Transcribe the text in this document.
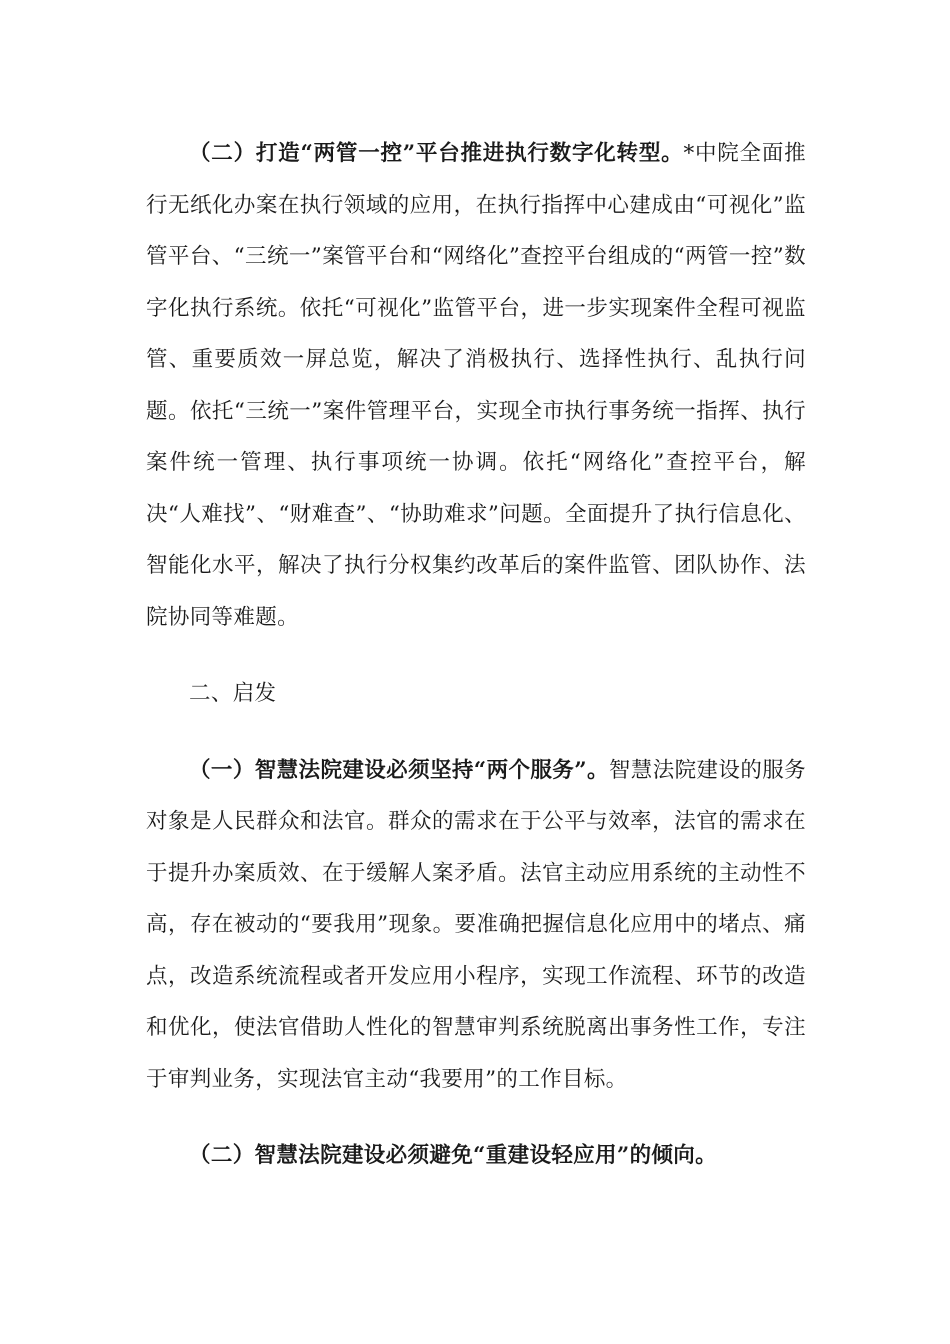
（二）打造“两管一控”平台推进执行数字化转型。*中院全面推行无纸化办案在执行领域的应用，在执行指挥中心建成由“可视化”监管平台、“三统一”案管平台和“网络化”查控平台组成的“两管一控”数字化执行系统。依托“可视化”监管平台，进一步实现案件全程可视监管、重要质效一屏总览，解决了消极执行、选择性执行、乱执行问题。依托“三统一”案件管理平台，实现全市执行事务统一指挥、执行案件统一管理、执行事项统一协调。依托“网络化”查控平台，解决“人难找”、“财难查”、“协助难求”问题。全面提升了执行信息化、智能化水平，解决了执行分权集约改革后的案件监管、团队协作、法院协同等难题。

二、启发

（一）智慧法院建设必须坚持“两个服务”。智慧法院建设的服务对象是人民群众和法官。群众的需求在于公平与效率，法官的需求在于提升办案质效、在于缓解人案矛盾。法官主动应用系统的主动性不高，存在被动的“要我用”现象。要准确把握信息化应用中的堵点、痛点，改造系统流程或者开发应用小程序，实现工作流程、环节的改造和优化，使法官借助人性化的智慧审判系统脱离出事务性工作，专注于审判业务，实现法官主动“我要用”的工作目标。

（二）智慧法院建设必须避免“重建设轻应用”的倾向。
